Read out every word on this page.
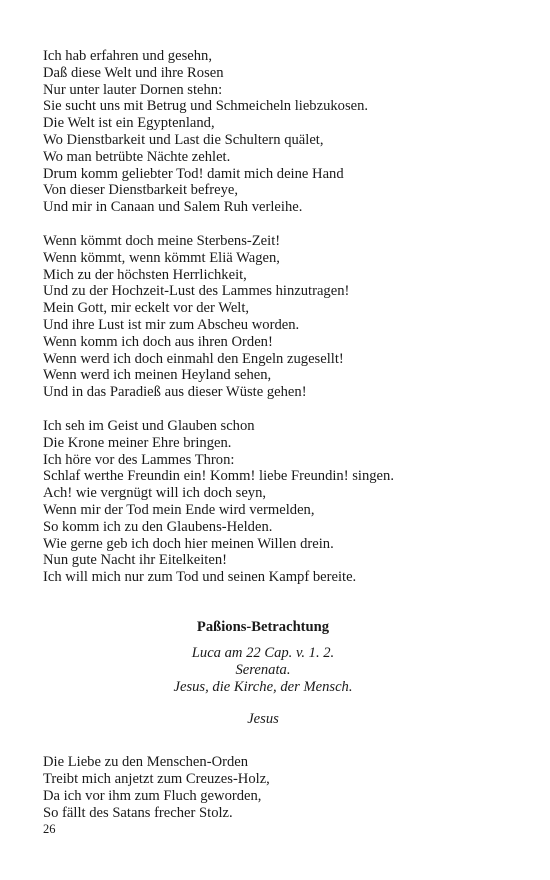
Ich hab erfahren und gesehn,
Daß diese Welt und ihre Rosen
Nur unter lauter Dornen stehn:
Sie sucht uns mit Betrug und Schmeicheln liebzukosen.
Die Welt ist ein Egyptenland,
Wo Dienstbarkeit und Last die Schultern quälet,
Wo man betrübte Nächte zehlet.
Drum komm geliebter Tod! damit mich deine Hand
Von dieser Dienstbarkeit befreye,
Und mir in Canaan und Salem Ruh verleihe.
Wenn kömmt doch meine Sterbens-Zeit!
Wenn kömmt, wenn kömmt Eliä Wagen,
Mich zu der höchsten Herrlichkeit,
Und zu der Hochzeit-Lust des Lammes hinzutragen!
Mein Gott, mir eckelt vor der Welt,
Und ihre Lust ist mir zum Abscheu worden.
Wenn komm ich doch aus ihren Orden!
Wenn werd ich doch einmahl den Engeln zugesellt!
Wenn werd ich meinen Heyland sehen,
Und in das Paradieß aus dieser Wüste gehen!
Ich seh im Geist und Glauben schon
Die Krone meiner Ehre bringen.
Ich höre vor des Lammes Thron:
Schlaf werthe Freundin ein! Komm! liebe Freundin! singen.
Ach! wie vergnügt will ich doch seyn,
Wenn mir der Tod mein Ende wird vermelden,
So komm ich zu den Glaubens-Helden.
Wie gerne geb ich doch hier meinen Willen drein.
Nun gute Nacht ihr Eitelkeiten!
Ich will mich nur zum Tod und seinen Kampf bereite.
Paßions-Betrachtung
Luca am 22 Cap. v. 1. 2.
Serenata.
Jesus, die Kirche, der Mensch.
Jesus
Die Liebe zu den Menschen-Orden
Treibt mich anjetzt zum Creuzes-Holz,
Da ich vor ihm zum Fluch geworden,
So fällt des Satans frecher Stolz.
26
